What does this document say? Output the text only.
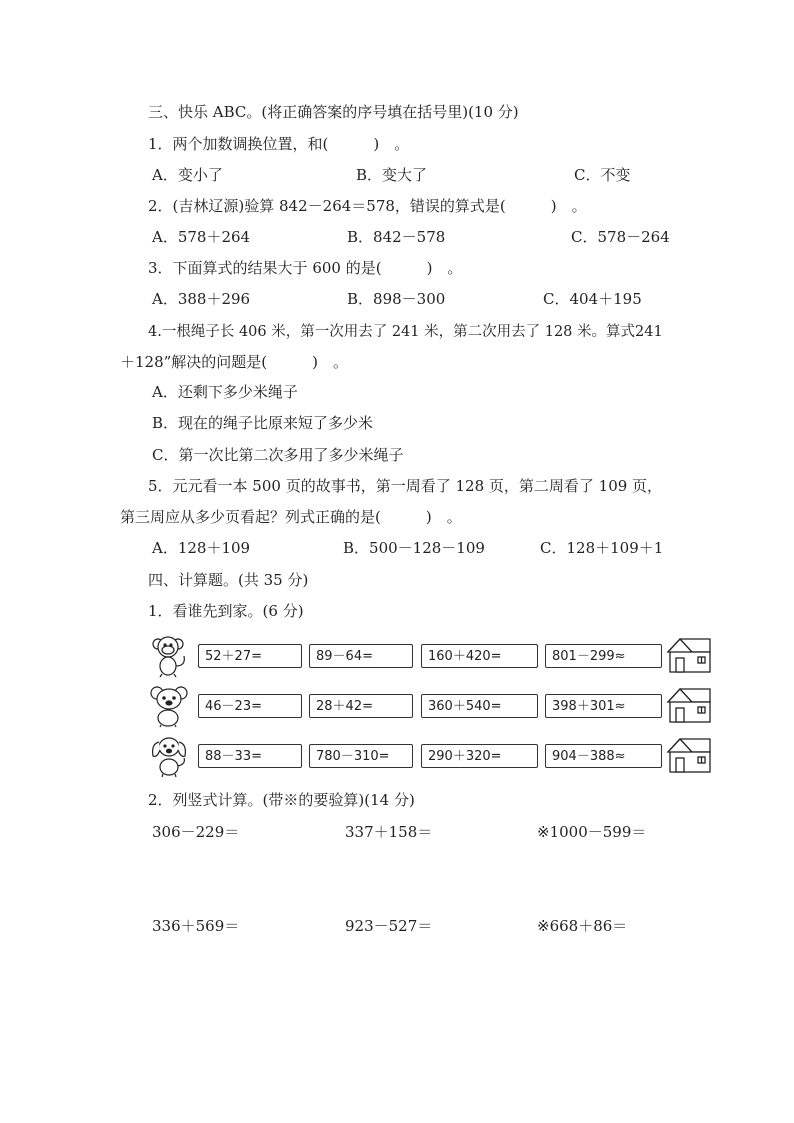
三、快乐 ABC。(将正确答案的序号填在括号里)(10 分)
1．两个加数调换位置，和(　　　)　。
A．变小了	B．变大了	C．不变
2．(吉林辽源)验算 842－264＝578，错误的算式是(　　　)　。
A．578＋264	B．842－578	C．578－264
3．下面算式的结果大于 600 的是(　　　)　。
A．388＋296	B．898－300	C．404＋195
4.一根绳子长 406 米，第一次用去了 241 米，第二次用去了 128 米。算式241
＋128”解决的问题是(　　　)　。
A．还剩下多少米绳子
B．现在的绳子比原来短了多少米
C．第一次比第二次多用了多少米绳子
5．元元看一本 500 页的故事书，第一周看了 128 页，第二周看了 109 页，
第三周应从多少页看起？列式正确的是(　　　)　。
A．128＋109	B．500－128－109	C．128＋109＋1
四、计算题。(共 35 分)
1．看谁先到家。(6 分)
52＋27=	89－64=	160＋420=	801－299≈
46－23=	28＋42=	360＋540=	398＋301≈
88－33=	780－310=	290＋320=	904－388≈
2．列竖式计算。(带※的要验算)(14 分)
306－229＝	337＋158＝	※1000－599＝
336＋569＝	923－527＝	※668＋86＝
